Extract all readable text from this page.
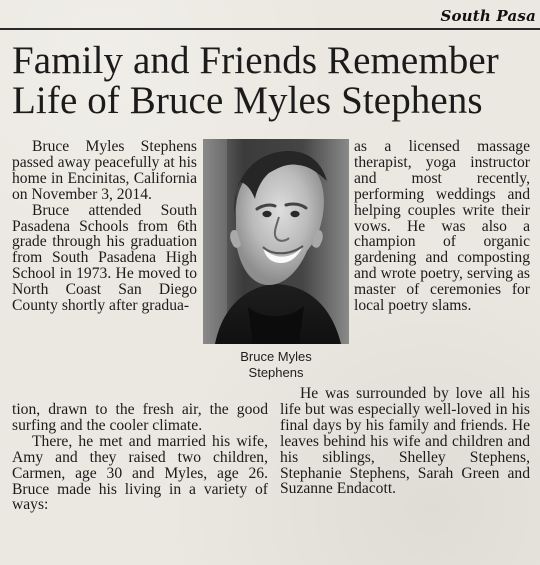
South Pasa
Family and Friends Remember Life of Bruce Myles Stephens

Bruce Myles Stephens passed away peacefully at his home in Encinitas, California on November 3, 2014.

Bruce attended South Pasadena Schools from 6th grade through his graduation from South Pasadena High School in 1973. He moved to North Coast San Diego County shortly after gradua-

Bruce Myles
Stephens

as a licensed massage therapist, yoga instructor and most recently, performing weddings and helping couples write their vows. He was also a champion of organic gardening and composting and wrote poetry, serving as master of ceremonies for local poetry slams.

tion, drawn to the fresh air, the good surfing and the cooler climate.

There, he met and married his wife, Amy and they raised two children, Carmen, age 30 and Myles, age 26. Bruce made his living in a variety of ways:

He was surrounded by love all his life but was especially well-loved in his final days by his family and friends. He leaves behind his wife and children and his siblings, Shelley Stephens, Stephanie Stephens, Sarah Green and Suzanne Endacott.
